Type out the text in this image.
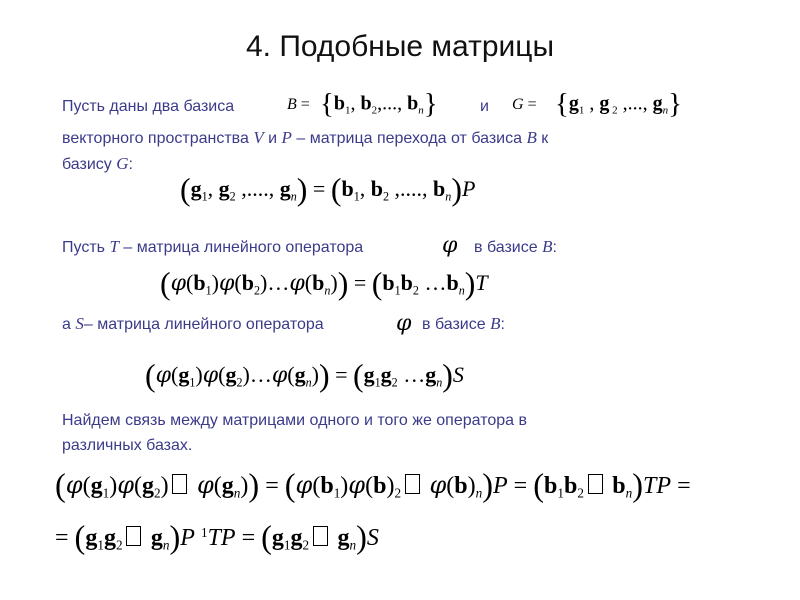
4. Подобные матрицы
Пусть даны два базиса	$B = \{b_1$, $b_2$,..., $b_n$}	и $G = \{g_1$ , g $_2$ ,..., $g_n$}
векторного пространства V и P – матрица перехода от базиса B к
базису G:
($g_1$, $g_2$ ,...., $g_n) = (b_1$, $b_2$ ,...., $b_n)P$
Пусть T – матрица линейного оператора	φ в базисе B:
$(\varphi(b_1)\varphi(b_2)\dots\varphi(b_n)) = (b_1b_2$ $\dots b_n)T$
а S– матрица линейного оператора	φ в базисе B:
$(\varphi(g_1)\varphi(g_2)\dots\varphi(g_n)) = (g_1g_2$ $\dots g_n)S$
Найдем связь между матрицами одного и того же оператора в
различных базах.
$(\varphi(g_1)\varphi(g_2) \varphi(g_n)) = (\varphi(b_1)\varphi(b)_2$ $\varphi(b)_n)P = (b_1b_2$ $b_n)TP$ =
= ($g_1g_2$ $g_n)P$ $^1TP = (g_1g_2$ $g_n)S$
